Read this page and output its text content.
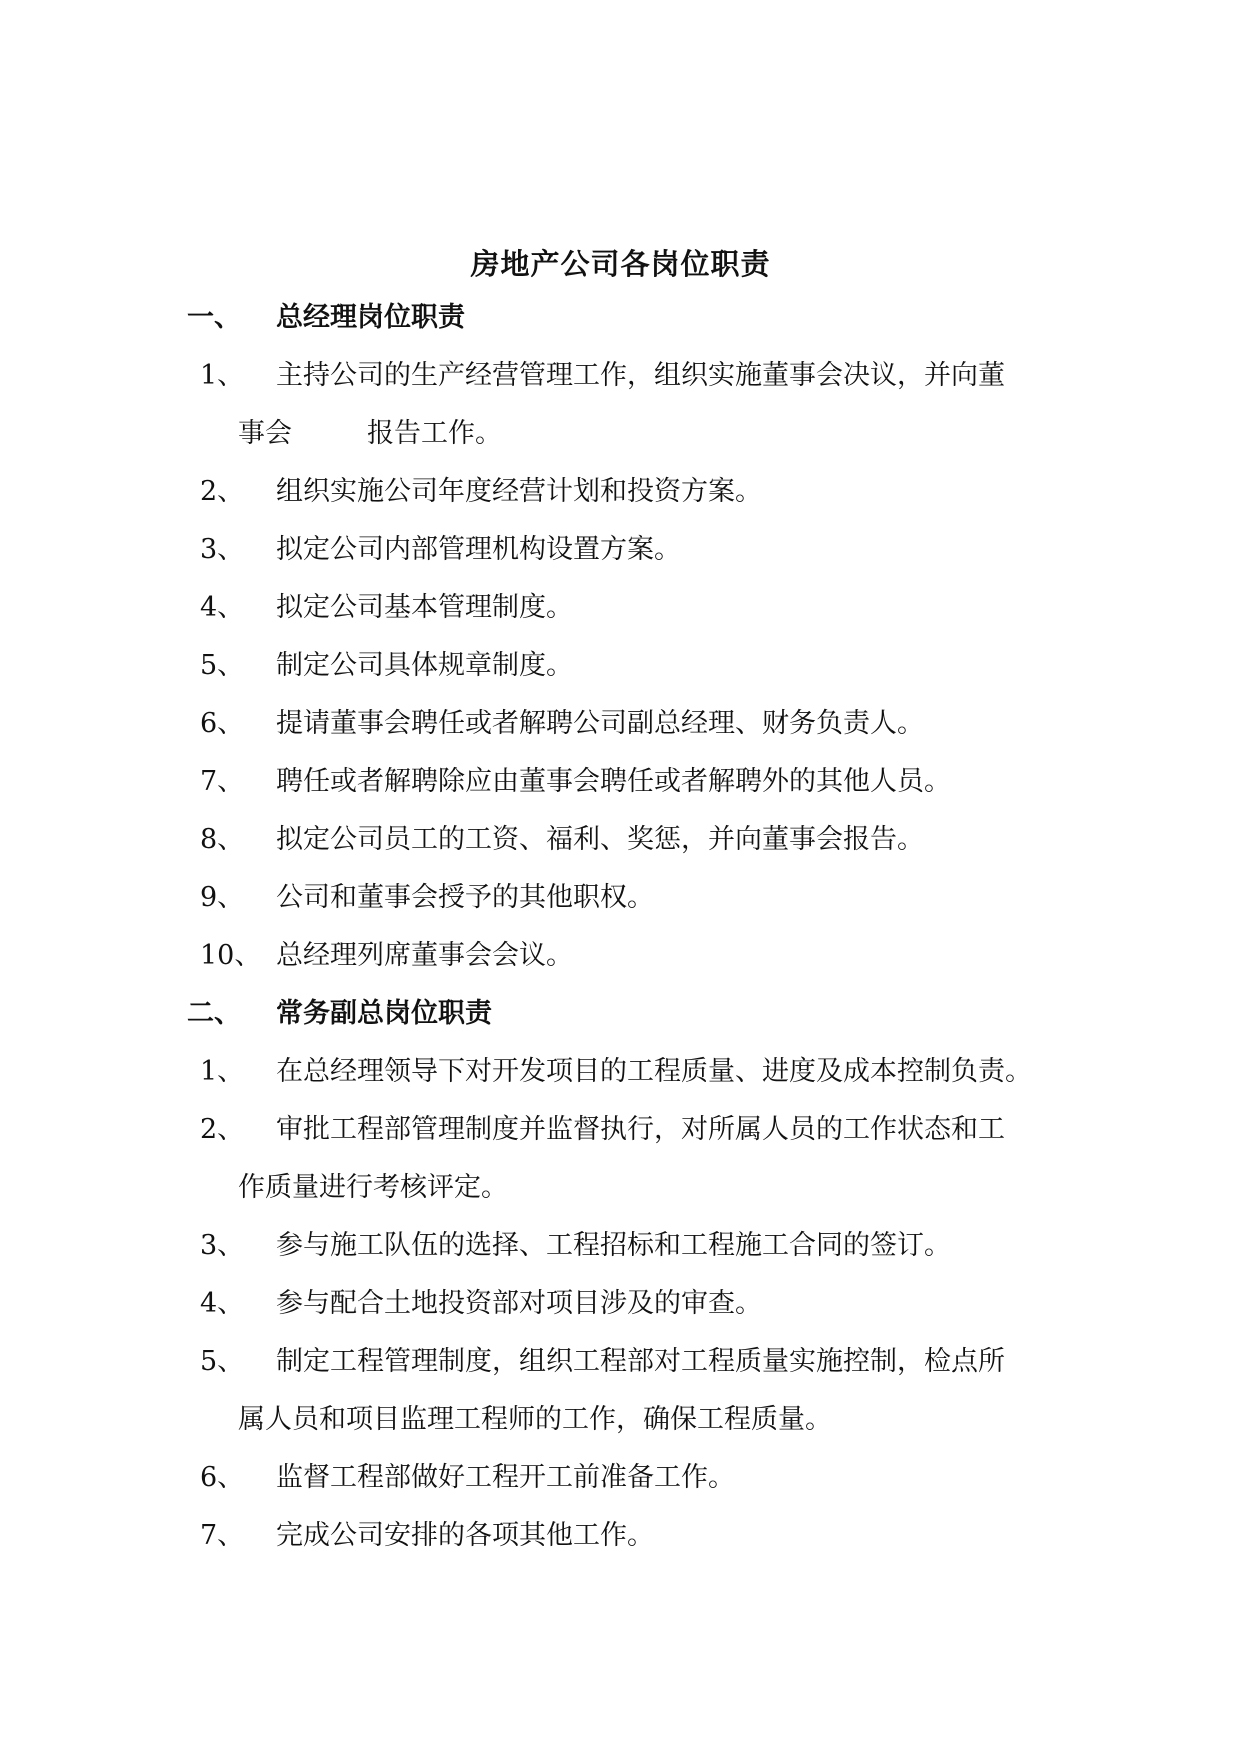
房地产公司各岗位职责
一、 总经理岗位职责
1、 主持公司的生产经营管理工作，组织实施董事会决议，并向董
事会	报告工作。
2、 组织实施公司年度经营计划和投资方案。
3、 拟定公司内部管理机构设置方案。
4、 拟定公司基本管理制度。
5、 制定公司具体规章制度。
6、 提请董事会聘任或者解聘公司副总经理、财务负责人。
7、 聘任或者解聘除应由董事会聘任或者解聘外的其他人员。
8、 拟定公司员工的工资、福利、奖惩，并向董事会报告。
9、 公司和董事会授予的其他职权。
10、 总经理列席董事会会议。
二、 常务副总岗位职责
1、 在总经理领导下对开发项目的工程质量、进度及成本控制负责。
2、 审批工程部管理制度并监督执行，对所属人员的工作状态和工
作质量进行考核评定。
3、 参与施工队伍的选择、工程招标和工程施工合同的签订。
4、 参与配合土地投资部对项目涉及的审查。
5、 制定工程管理制度，组织工程部对工程质量实施控制，检点所
属人员和项目监理工程师的工作，确保工程质量。
6、 监督工程部做好工程开工前准备工作。
7、 完成公司安排的各项其他工作。
